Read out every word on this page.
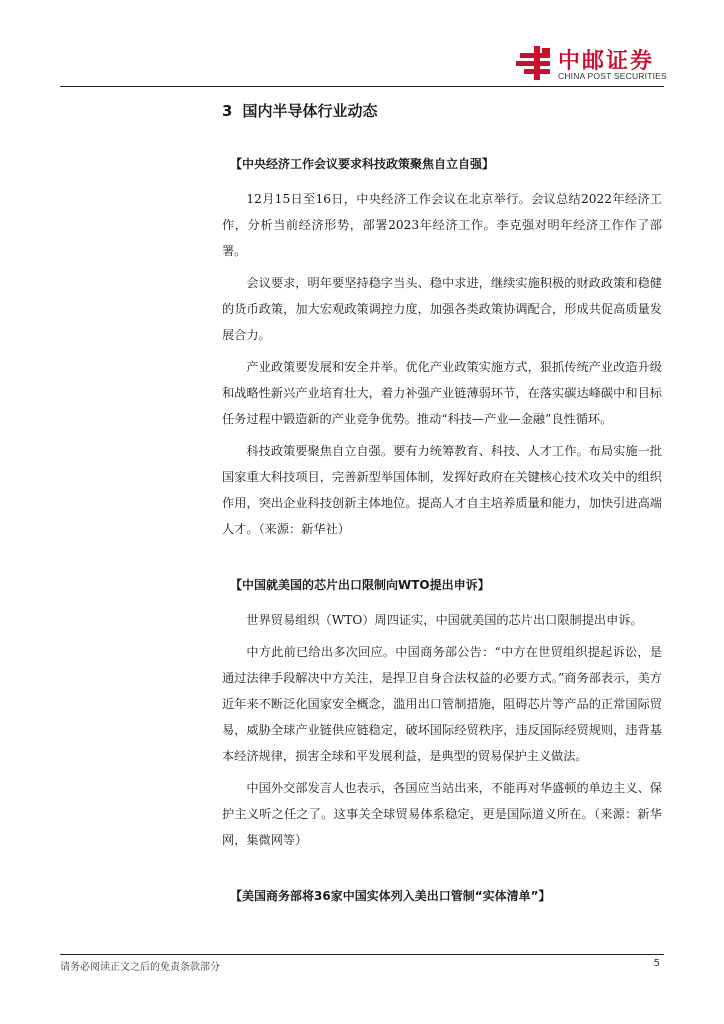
中邮证券
CHINA POST SECURITIES
3 国内半导体行业动态
【中央经济工作会议要求科技政策聚焦自立自强】

12月15日至16日，中央经济工作会议在北京举行。会议总结2022年经济工作，分析当前经济形势，部署2023年经济工作。李克强对明年经济工作作了部署。

会议要求，明年要坚持稳字当头、稳中求进，继续实施积极的财政政策和稳健的货币政策，加大宏观政策调控力度，加强各类政策协调配合，形成共促高质量发展合力。

产业政策要发展和安全并举。优化产业政策实施方式，狠抓传统产业改造升级和战略性新兴产业培育壮大，着力补强产业链薄弱环节，在落实碳达峰碳中和目标任务过程中锻造新的产业竞争优势。推动“科技—产业—金融”良性循环。

科技政策要聚焦自立自强。要有力统筹教育、科技、人才工作。布局实施一批国家重大科技项目，完善新型举国体制，发挥好政府在关键核心技术攻关中的组织作用，突出企业科技创新主体地位。提高人才自主培养质量和能力，加快引进高端人才。（来源：新华社）

【中国就美国的芯片出口限制向WTO提出申诉】

世界贸易组织（WTO）周四证实，中国就美国的芯片出口限制提出申诉。

中方此前已给出多次回应。中国商务部公告：“中方在世贸组织提起诉讼，是通过法律手段解决中方关注，是捍卫自身合法权益的必要方式。”商务部表示，美方近年来不断泛化国家安全概念，滥用出口管制措施，阻碍芯片等产品的正常国际贸易，威胁全球产业链供应链稳定，破坏国际经贸秩序，违反国际经贸规则，违背基本经济规律，损害全球和平发展利益，是典型的贸易保护主义做法。

中国外交部发言人也表示，各国应当站出来，不能再对华盛顿的单边主义、保护主义听之任之了。这事关全球贸易体系稳定，更是国际道义所在。（来源：新华网，集微网等）

【美国商务部将36家中国实体列入美出口管制“实体清单”】
请务必阅读正文之后的免责条款部分	5
